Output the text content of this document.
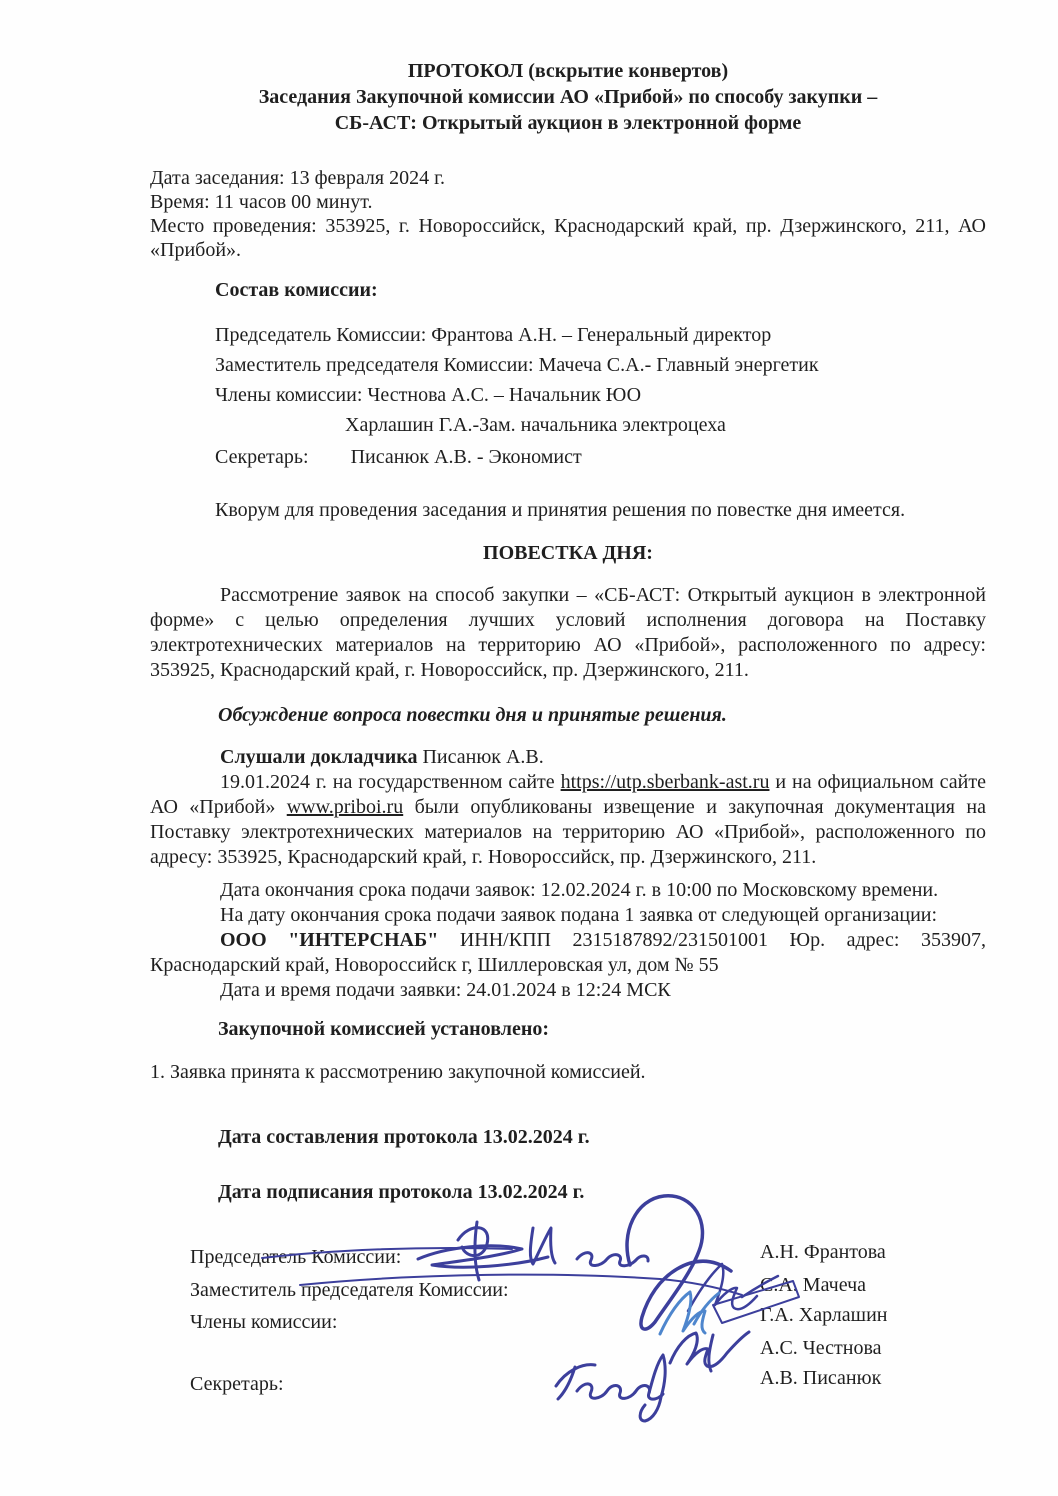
ПРОТОКОЛ (вскрытие конвертов)
Заседания Закупочной комиссии АО «Прибой» по способу закупки –
СБ-АСТ: Открытый аукцион в электронной форме
Дата заседания: 13 февраля 2024 г.
Время: 11 часов 00 минут.
Место проведения: 353925, г. Новороссийск, Краснодарский край, пр. Дзержинского, 211, АО
«Прибой».
Состав комиссии:
Председатель Комиссии: Франтова А.Н. – Генеральный директор
Заместитель председателя Комиссии: Мачеча С.А.- Главный энергетик
Члены комиссии: Честнова А.С. – Начальник ЮО
Харлашин Г.А.-Зам. начальника электроцеха
Секретарь: Писанюк А.В. - Экономист
Кворум для проведения заседания и принятия решения по повестке дня имеется.
ПОВЕСТКА ДНЯ:
Рассмотрение заявок на способ закупки – «СБ-АСТ: Открытый аукцион в электронной форме» с целью определения лучших условий исполнения договора на Поставку электротехнических материалов на территорию АО «Прибой», расположенного по адресу: 353925, Краснодарский край, г. Новороссийск, пр. Дзержинского, 211.
Обсуждение вопроса повестки дня и принятые решения.
Слушали докладчика Писанюк А.В.

19.01.2024 г. на государственном сайте https://utp.sberbank-ast.ru и на официальном сайте АО «Прибой» www.priboi.ru были опубликованы извещение и закупочная документация на Поставку электротехнических материалов на территорию АО «Прибой», расположенного по адресу: 353925, Краснодарский край, г. Новороссийск, пр. Дзержинского, 211.

Дата окончания срока подачи заявок: 12.02.2024 г. в 10:00 по Московскому времени.
На дату окончания срока подачи заявок подана 1 заявка от следующей организации:
ООО "ИНТЕРСНАБ" ИНН/КПП 2315187892/231501001 Юр. адрес: 353907,
Краснодарский край, Новороссийск г, Шиллеровская ул, дом № 55
Дата и время подачи заявки: 24.01.2024 в 12:24 МСК
Закупочной комиссией установлено:
1. Заявка принята к рассмотрению закупочной комиссией.
Дата составления протокола 13.02.2024 г.
Дата подписания протокола 13.02.2024 г.
Председатель Комиссии:	А.Н. Франтова
Заместитель председателя Комиссии:	С.А. Мачеча
Члены комиссии:	Г.А. Харлашин
А.С. Честнова
Секретарь:	А.В. Писанюк
